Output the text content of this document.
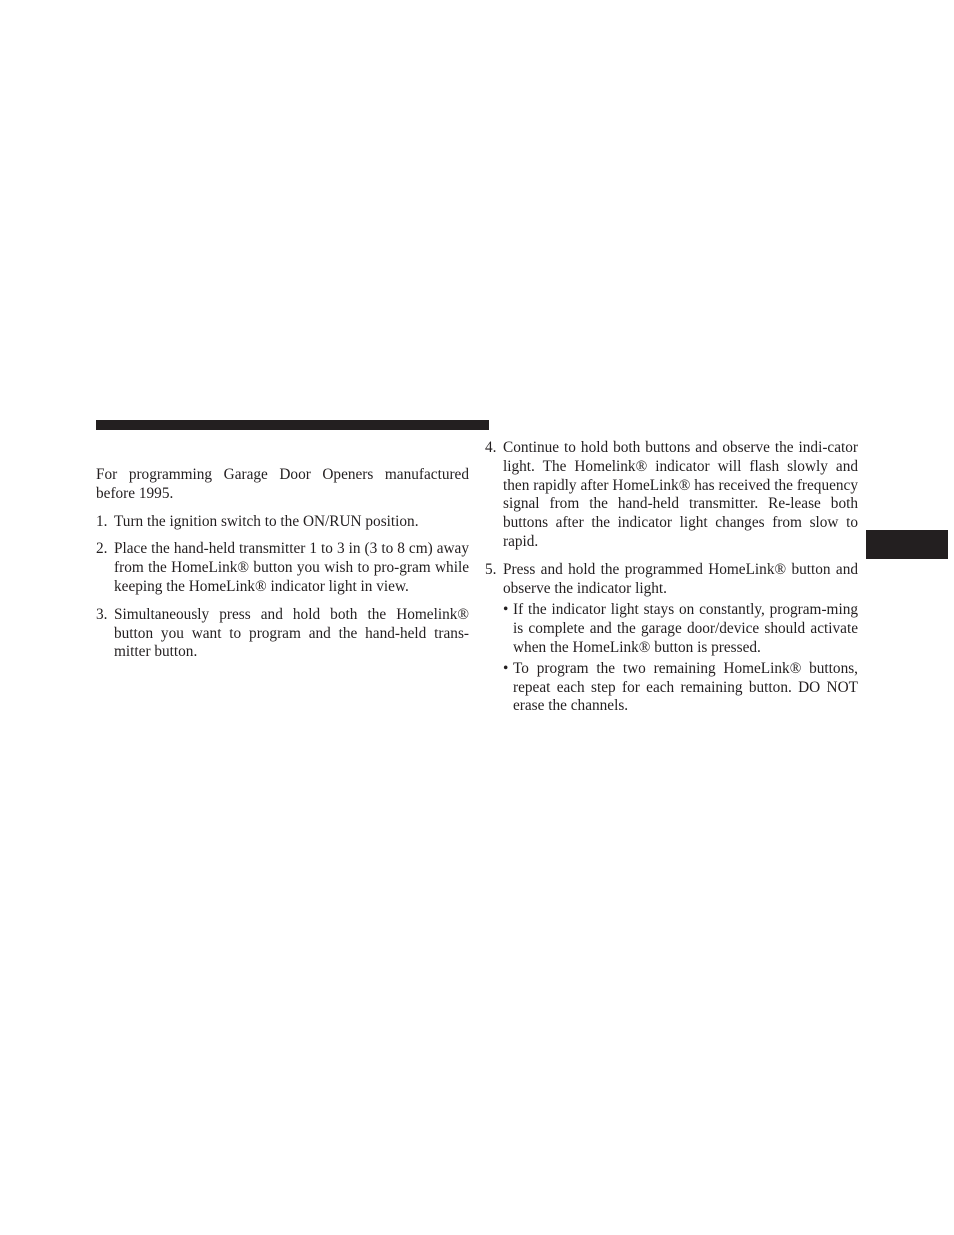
For programming Garage Door Openers manufactured before 1995.

1. Turn the ignition switch to the ON/RUN position.
2. Place the hand-held transmitter 1 to 3 in (3 to 8 cm) away from the HomeLink® button you wish to pro-gram while keeping the HomeLink® indicator light in view.
3. Simultaneously press and hold both the Homelink® button you want to program and the hand-held trans-mitter button.
4. Continue to hold both buttons and observe the indi-cator light. The Homelink® indicator will flash slowly and then rapidly after HomeLink® has received the frequency signal from the hand-held transmitter. Re-lease both buttons after the indicator light changes from slow to rapid.
5. Press and hold the programmed HomeLink® button and observe the indicator light.
• If the indicator light stays on constantly, program-ming is complete and the garage door/device should activate when the HomeLink® button is pressed.
• To program the two remaining HomeLink® buttons, repeat each step for each remaining button. DO NOT erase the channels.
